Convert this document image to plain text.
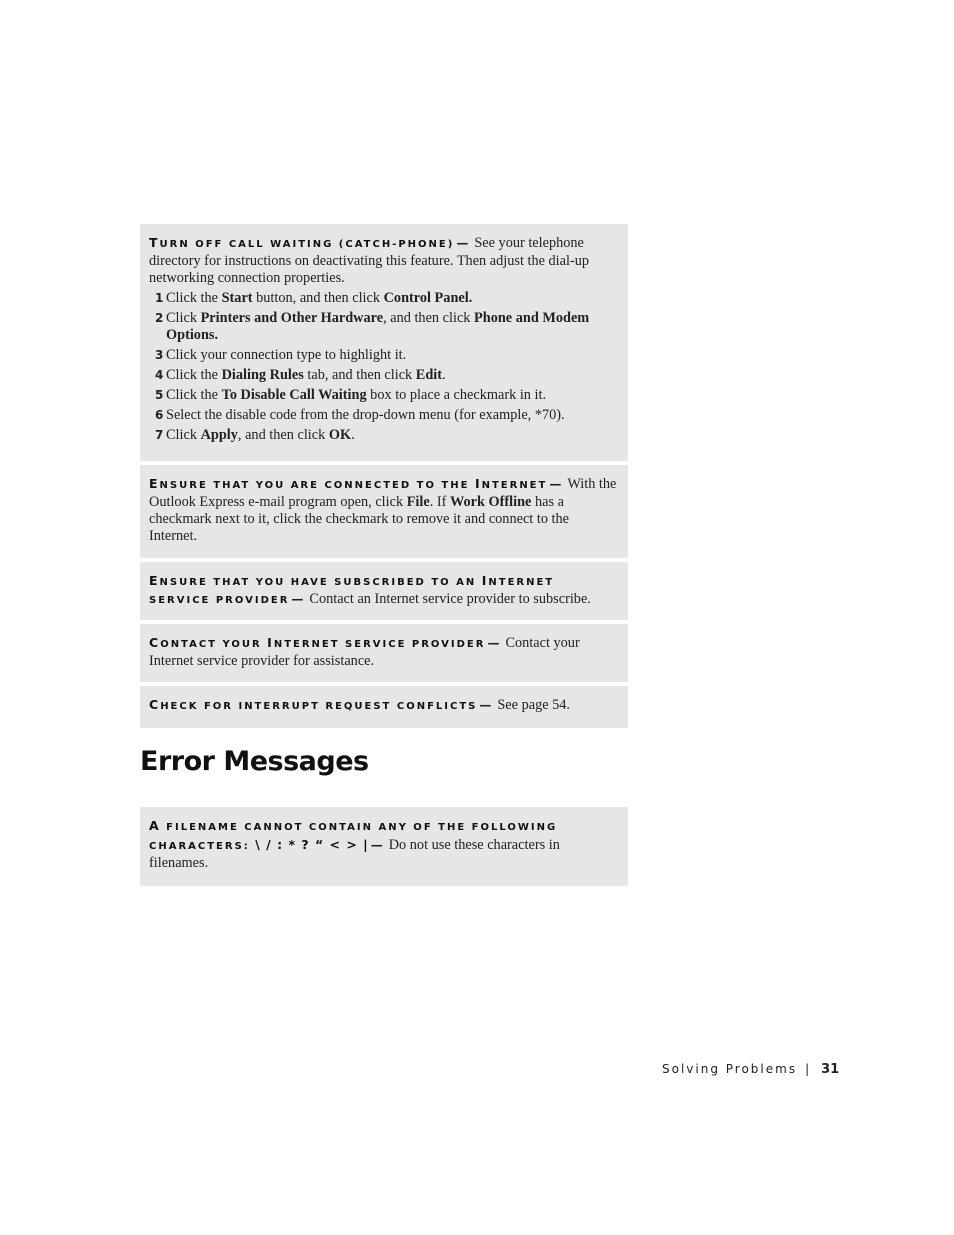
TURN OFF CALL WAITING (CATCH-PHONE) — See your telephone directory for instructions on deactivating this feature. Then adjust the dial-up networking connection properties.
1 Click the Start button, and then click Control Panel.
2 Click Printers and Other Hardware, and then click Phone and Modem Options.
3 Click your connection type to highlight it.
4 Click the Dialing Rules tab, and then click Edit.
5 Click the To Disable Call Waiting box to place a checkmark in it.
6 Select the disable code from the drop-down menu (for example, *70).
7 Click Apply, and then click OK.
ENSURE THAT YOU ARE CONNECTED TO THE INTERNET — With the Outlook Express e-mail program open, click File. If Work Offline has a checkmark next to it, click the checkmark to remove it and connect to the Internet.
ENSURE THAT YOU HAVE SUBSCRIBED TO AN INTERNET SERVICE PROVIDER — Contact an Internet service provider to subscribe.
CONTACT YOUR INTERNET SERVICE PROVIDER — Contact your Internet service provider for assistance.
CHECK FOR INTERRUPT REQUEST CONFLICTS — See page 54.
Error Messages
A FILENAME CANNOT CONTAIN ANY OF THE FOLLOWING CHARACTERS: \ / : * ? “ < > | — Do not use these characters in filenames.
Solving Problems | 31
